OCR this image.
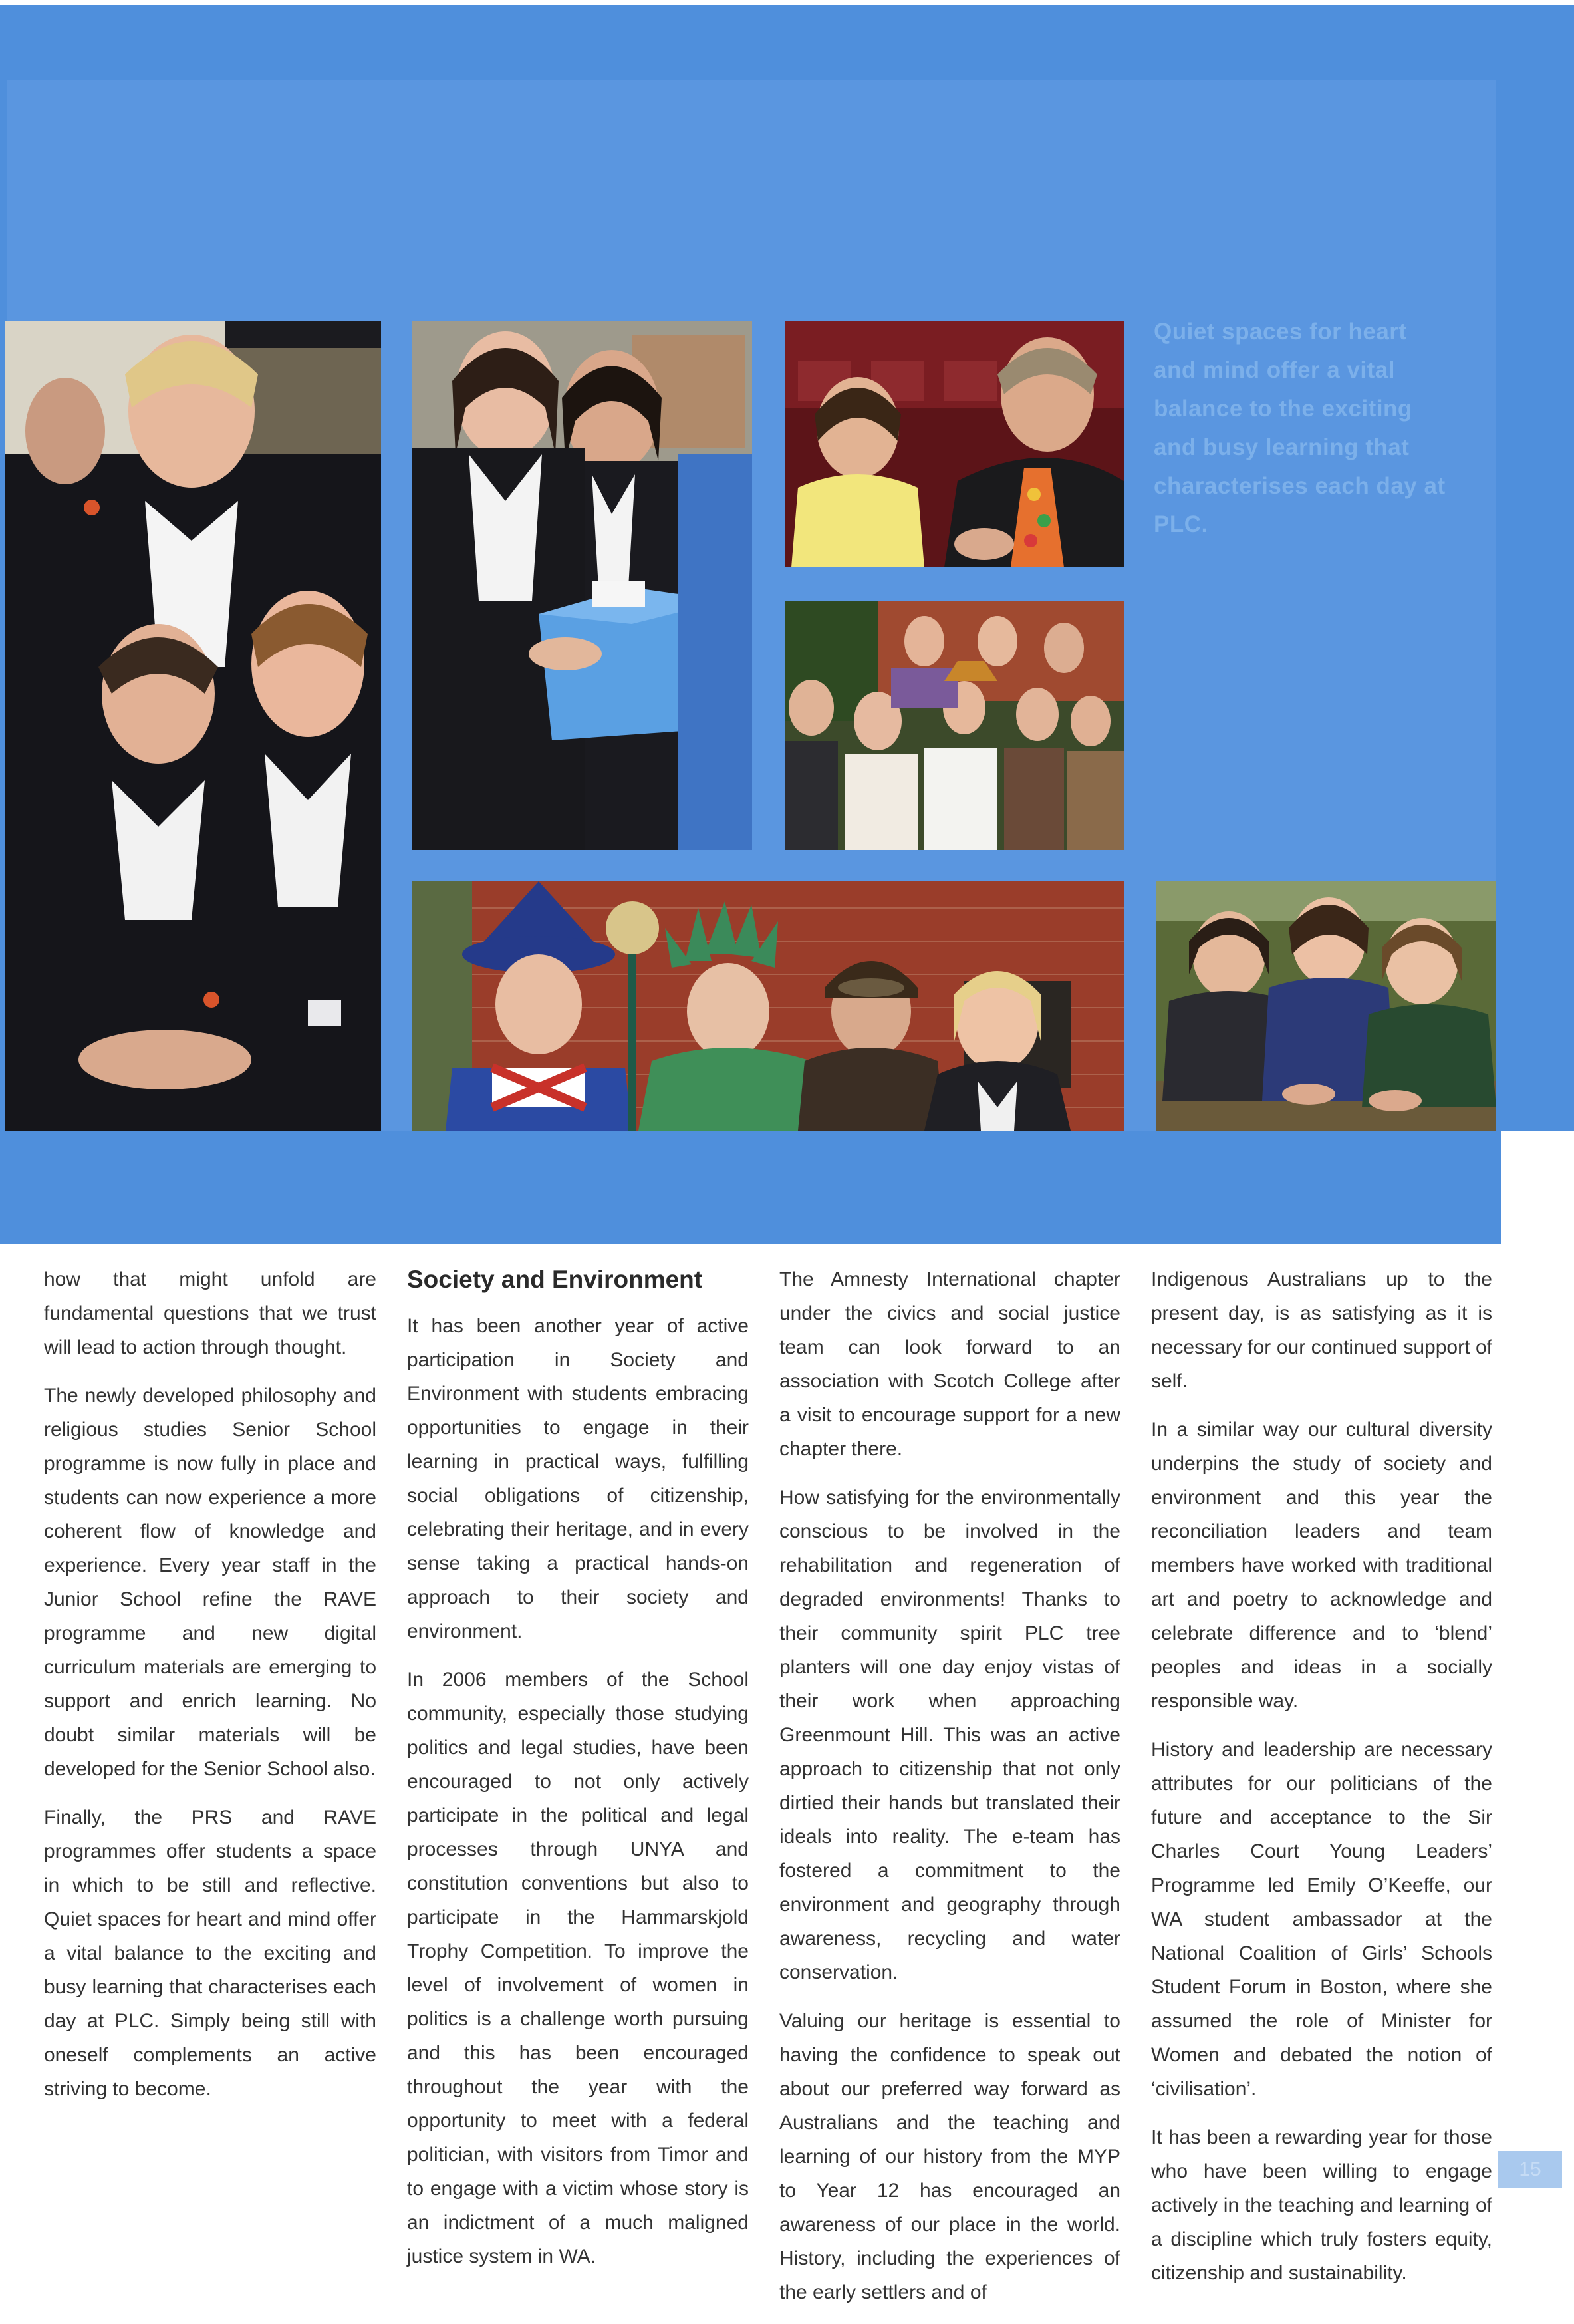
Quiet spaces for heart and mind offer a vital balance to the exciting and busy learning that characterises each day at PLC.

how that might unfold are fundamental questions that we trust will lead to action through thought.

The newly developed philosophy and religious studies Senior School programme is now fully in place and students can now experience a more coherent flow of knowledge and experience. Every year staff in the Junior School refine the RAVE programme and new digital curriculum materials are emerging to support and enrich learning. No doubt similar materials will be developed for the Senior School also.

Finally, the PRS and RAVE programmes offer students a space in which to be still and reflective. Quiet spaces for heart and mind offer a vital balance to the exciting and busy learning that characterises each day at PLC. Simply being still with oneself complements an active striving to become.

Society and Environment

It has been another year of active participation in Society and Environment with students embracing opportunities to engage in their learning in practical ways, fulfilling social obligations of citizenship, celebrating their heritage, and in every sense taking a practical hands-on approach to their society and environment.

In 2006 members of the School community, especially those studying politics and legal studies, have been encouraged to not only actively participate in the political and legal processes through UNYA and constitution conventions but also to participate in the Hammarskjold Trophy Competition. To improve the level of involvement of women in politics is a challenge worth pursuing and this has been encouraged throughout the year with the opportunity to meet with a federal politician, with visitors from Timor and to engage with a victim whose story is an indictment of a much maligned justice system in WA.

The Amnesty International chapter under the civics and social justice team can look forward to an association with Scotch College after a visit to encourage support for a new chapter there.

How satisfying for the environmentally conscious to be involved in the rehabilitation and regeneration of degraded environments! Thanks to their community spirit PLC tree planters will one day enjoy vistas of their work when approaching Greenmount Hill. This was an active approach to citizenship that not only dirtied their hands but translated their ideals into reality. The e-team has fostered a commitment to the environment and geography through awareness, recycling and water conservation.

Valuing our heritage is essential to having the confidence to speak out about our preferred way forward as Australians and the teaching and learning of our history from the MYP to Year 12 has encouraged an awareness of our place in the world. History, including the experiences of the early settlers and of

Indigenous Australians up to the present day, is as satisfying as it is necessary for our continued support of self.

In a similar way our cultural diversity underpins the study of society and environment and this year the reconciliation leaders and team members have worked with traditional art and poetry to acknowledge and celebrate difference and to ‘blend’ peoples and ideas in a socially responsible way.

History and leadership are necessary attributes for our politicians of the future and acceptance to the Sir Charles Court Young Leaders’ Programme led Emily O’Keeffe, our WA student ambassador at the National Coalition of Girls’ Schools Student Forum in Boston, where she assumed the role of Minister for Women and debated the notion of ‘civilisation’.

It has been a rewarding year for those who have been willing to engage actively in the teaching and learning of a discipline which truly fosters equity, citizenship and sustainability.

15
